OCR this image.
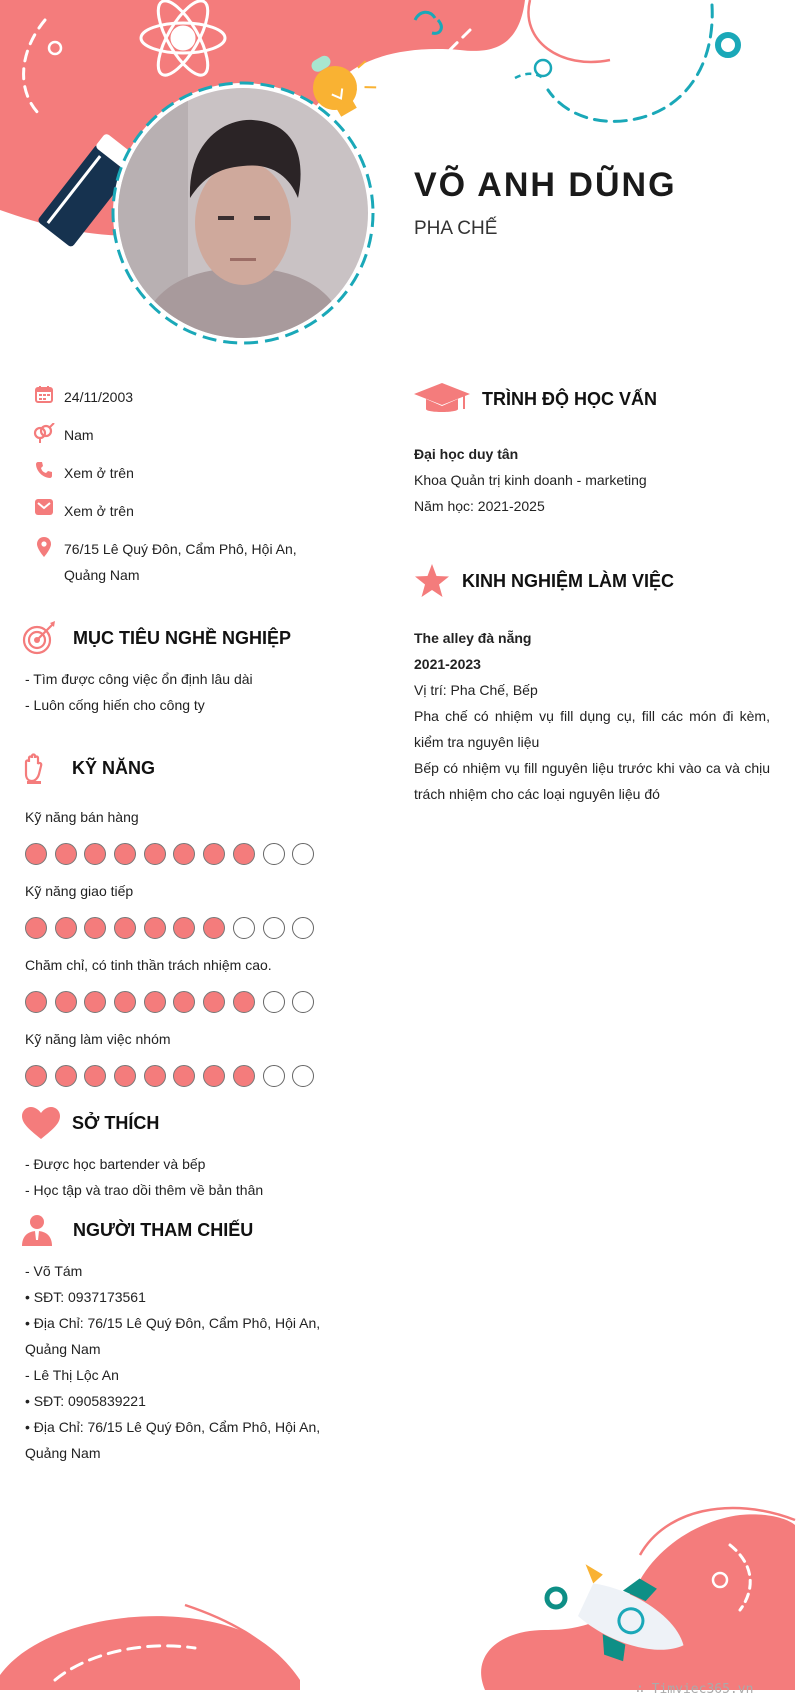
VÕ ANH DŨNG
PHA CHẾ
24/11/2003
Nam
Xem ở trên
Xem ở trên
76/15 Lê Quý Đôn, Cẩm Phô, Hội An,
Quảng Nam
MỤC TIÊU NGHỀ NGHIỆP
- Tìm được công việc ổn định lâu dài
- Luôn cống hiến cho công ty
KỸ NĂNG
Kỹ năng bán hàng
Kỹ năng giao tiếp
Chăm chỉ, có tinh thần trách nhiệm cao.
Kỹ năng làm việc nhóm
SỞ THÍCH
- Được học bartender và bếp
- Học tập và trao dồi thêm về bản thân
NGƯỜI THAM CHIẾU
- Võ Tám
• SĐT: 0937173561
• Địa Chỉ: 76/15 Lê Quý Đôn, Cẩm Phô, Hội An,
Quảng Nam
- Lê Thị Lộc An
• SĐT: 0905839221
• Địa Chỉ: 76/15 Lê Quý Đôn, Cẩm Phô, Hội An,
Quảng Nam
TRÌNH ĐỘ HỌC VẤN
Đại học duy tân
Khoa Quản trị kinh doanh - marketing
Năm học: 2021-2025
KINH NGHIỆM LÀM VIỆC
The alley đà nẵng
2021-2023
Vị trí: Pha Chế, Bếp
Pha chế có nhiệm vụ fill dụng cụ, fill các món đi kèm, kiểm tra nguyên liệu
Bếp có nhiệm vụ fill nguyên liệu trước khi vào ca và chịu trách nhiệm cho các loại nguyên liệu đó
∴ Timviec365.vn
